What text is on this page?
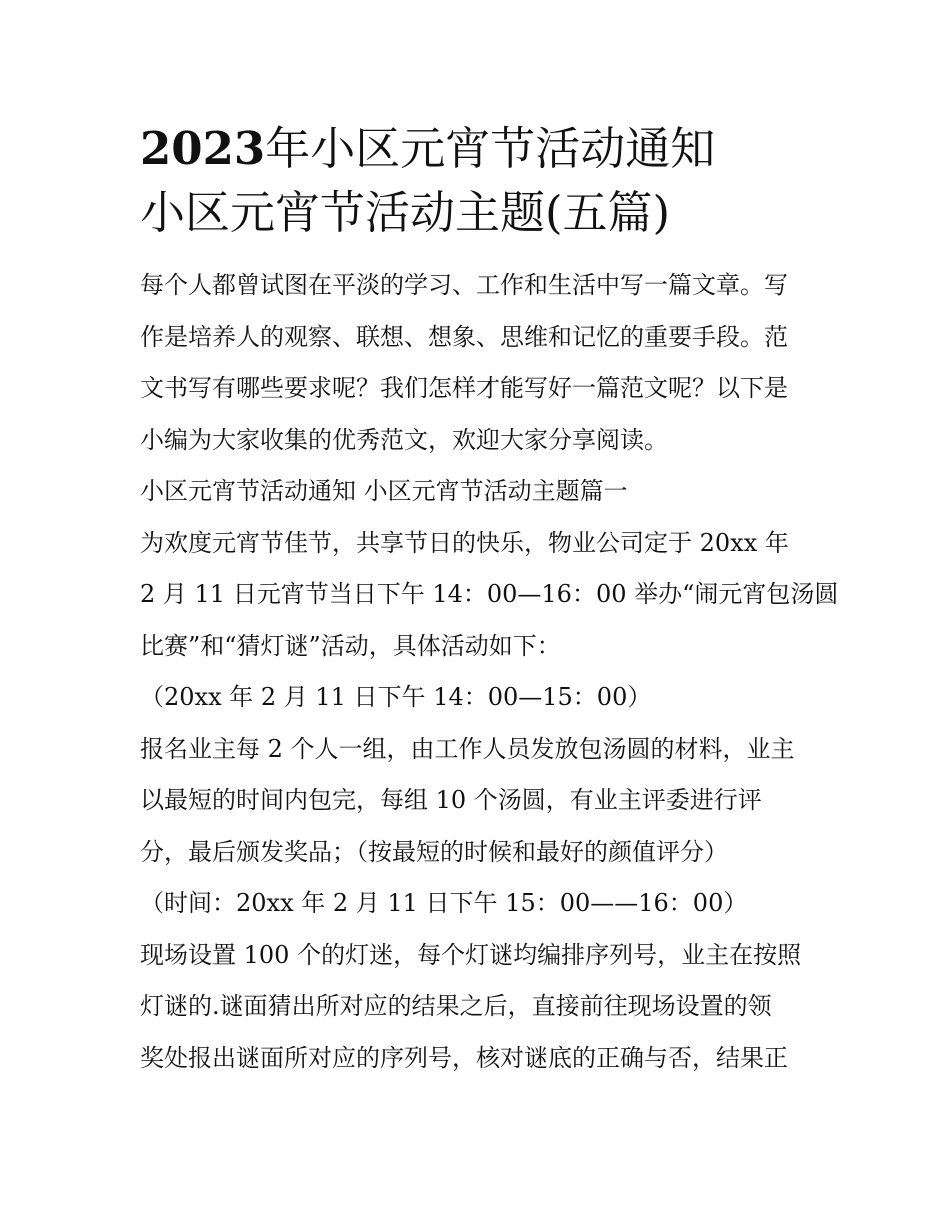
2023年小区元宵节活动通知
小区元宵节活动主题(五篇)
每个人都曾试图在平淡的学习、工作和生活中写一篇文章。写
作是培养人的观察、联想、想象、思维和记忆的重要手段。范
文书写有哪些要求呢？我们怎样才能写好一篇范文呢？以下是
小编为大家收集的优秀范文，欢迎大家分享阅读。
小区元宵节活动通知 小区元宵节活动主题篇一
为欢度元宵节佳节，共享节日的快乐，物业公司定于 20xx 年
2 月 11 日元宵节当日下午 14：00—16：00 举办“闹元宵包汤圆
比赛”和“猜灯谜”活动，具体活动如下：
（20xx 年 2 月 11 日下午 14：00—15：00）
报名业主每 2 个人一组，由工作人员发放包汤圆的材料，业主
以最短的时间内包完，每组 10 个汤圆，有业主评委进行评
分，最后颁发奖品；（按最短的时候和最好的颜值评分）
（时间：20xx 年 2 月 11 日下午 15：00——16：00）
现场设置 100 个的灯迷，每个灯谜均编排序列号，业主在按照
灯谜的.谜面猜出所对应的结果之后，直接前往现场设置的领
奖处报出谜面所对应的序列号，核对谜底的正确与否，结果正
